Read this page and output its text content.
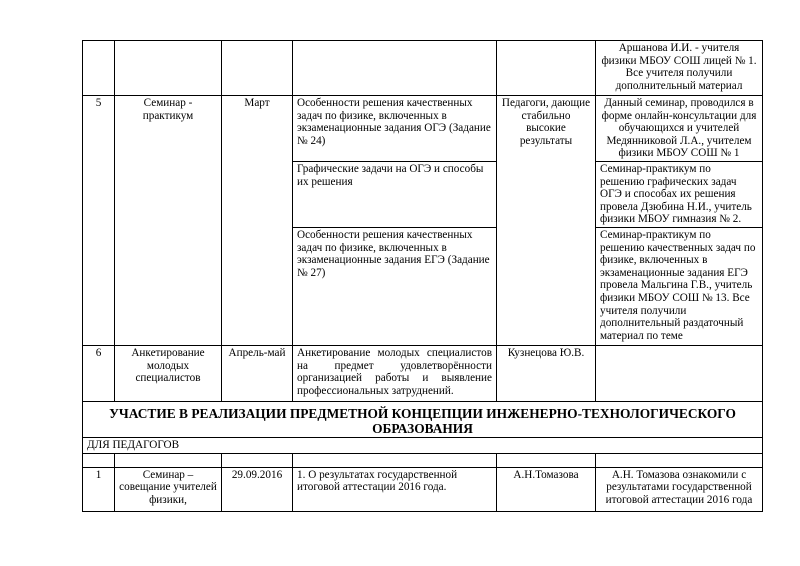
					Аршанова И.И. - учителя физики МБОУ СОШ лицей № 1. Все учителя получили дополнительный материал
5	Семинар - практикум	Март	Особенности решения качественных задач по физике, включенных в экзаменационные задания ОГЭ (Задание № 24)	Педагоги, дающие стабильно высокие результаты	Данный семинар, проводился в форме онлайн-консультации для обучающихся и учителей Медянниковой Л.А., учителем физики МБОУ СОШ № 1
			Графические задачи на ОГЭ и способы их решения		Семинар-практикум по решению графических задач ОГЭ и способах их решения провела Дзюбина Н.И., учитель физики МБОУ гимназия № 2.
			Особенности решения качественных задач по физике, включенных в экзаменационные задания ЕГЭ (Задание № 27)		Семинар-практикум по решению качественных задач по физике, включенных в экзаменационные задания ЕГЭ провела Мальгина Г.В., учитель физики МБОУ СОШ № 13. Все учителя получили дополнительный раздаточный материал по теме
6	Анкетирование молодых специалистов	Апрель-май	Анкетирование молодых специалистов на предмет удовлетворённости организацией работы и выявление профессиональных затруднений.	Кузнецова Ю.В.	
УЧАСТИЕ В РЕАЛИЗАЦИИ ПРЕДМЕТНОЙ КОНЦЕПЦИИ ИНЖЕНЕРНО-ТЕХНОЛОГИЧЕСКОГО ОБРАЗОВАНИЯ					
ДЛЯ ПЕДАГОГОВ					

1	Семинар – совещание учителей физики,	29.09.2016	1. О результатах государственной итоговой аттестации 2016 года.	А.Н.Томазова	А.Н. Томазова ознакомили с результатами государственной итоговой аттестации 2016 года
